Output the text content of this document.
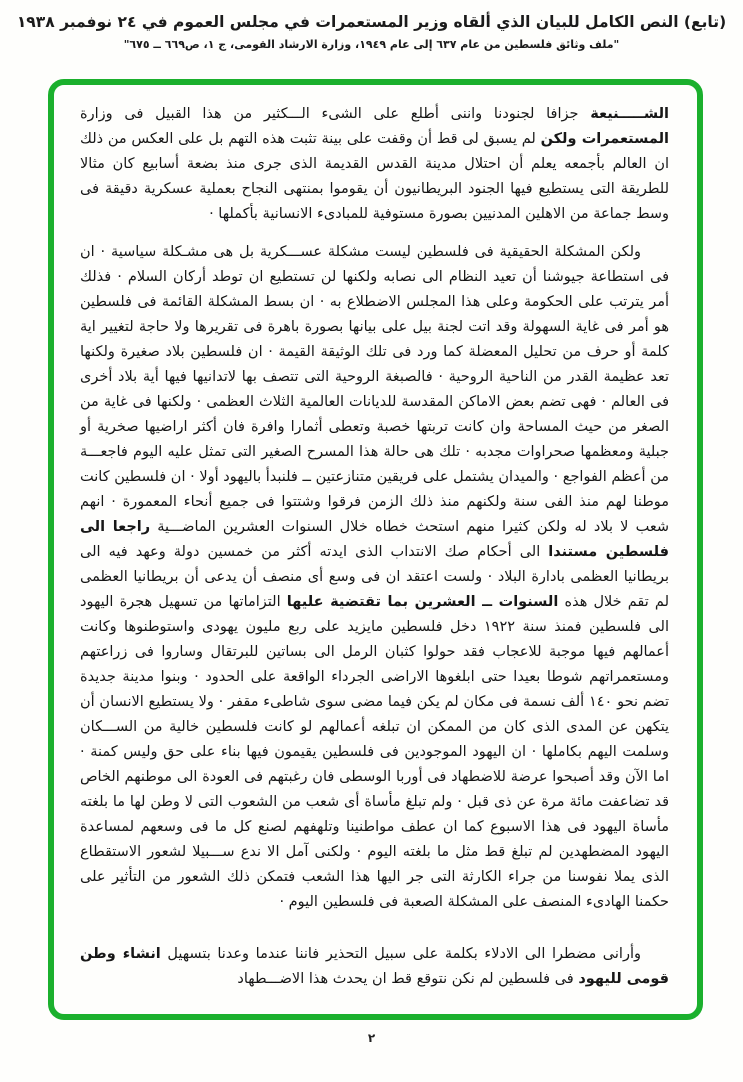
(تابع) النص الكامل للبيان الذي ألقاه وزير المستعمرات في مجلس العموم في ٢٤ نوفمبر ١٩٣٨
"ملف وثائق فلسطين من عام ٦٣٧ إلى عام ١٩٤٩، وزارة الارشاد القومى، ج ١، ص٦٦٩ ــ ٦٧٥"

الشـــــنيعة جزافا لجنودنا واننى أطلع على الشىء الـــكثير من هذا القبيل فى وزارة المستعمرات ولكن لم يسبق لى قط أن وقفت على بينة تثبت هذه التهم بل على العكس من ذلك ان العالم بأجمعه يعلم أن احتلال مدينة القدس القديمة الذى جرى منذ بضعة أسابيع كان مثالا للطريقة التى يستطيع فيها الجنود البريطانيون أن يقوموا بمنتهى النجاح بعملية عسكرية دقيقة فى وسط جماعة من الاهلين المدنيين بصورة مستوفية للمبادىء الانسانية بأكملها ·

ولكن المشكلة الحقيقية فى فلسطين ليست مشكلة عســـكرية بل هى مشـكلة سياسية · ان فى استطاعة جيوشنا أن تعيد النظام الى نصابه ولكنها لن تستطيع ان توطد أركان السلام · فذلك أمر يترتب على الحكومة وعلى هذا المجلس الاضطلاع به · ان بسط المشكلة القائمة فى فلسطين هو أمر فى غاية السهولة وقد اتت لجنة بيل على بيانها بصورة باهرة فى تقريرها ولا حاجة لتغيير اية كلمة أو حرف من تحليل المعضلة كما ورد فى تلك الوثيقة القيمة · ان فلسطين بلاد صغيرة ولكنها تعد عظيمة القدر من الناحية الروحية · فالصبغة الروحية التى تتصف بها لاتدانيها فيها أية بلاد أخرى فى العالم · فهى تضم بعض الاماكن المقدسة للديانات العالمية الثلاث العظمى · ولكنها فى غاية من الصغر من حيث المساحة وان كانت تربتها خصبة وتعطى أثمارا وافرة فان أكثر اراضيها صخرية أو جبلية ومعظمها صحراوات مجدبه · تلك هى حالة هذا المسرح الصغير التى تمثل عليه اليوم فاجعـــة من أعظم الفواجع · والميدان يشتمل على فريقين متنازعتين ــ فلنبدأ باليهود أولا · ان فلسطين كانت موطنا لهم منذ الفى سنة ولكنهم منذ ذلك الزمن فرقوا وشتتوا فى جميع أنحاء المعمورة · انهم شعب لا بلاد له ولكن كثيرا منهم استحث خطاه خلال السنوات العشرين الماضـــية راجعا الى فلسطين مستندا الى أحكام صك الانتداب الذى ايدته أكثر من خمسين دولة وعهد فيه الى بريطانيا العظمى بادارة البلاد · ولست اعتقد ان فى وسع أى منصف أن يدعى أن بريطانيا العظمى لم تقم خلال هذه السنوات ــ العشرين بما تقتضية عليها التزاماتها من تسهيل هجرة اليهود الى فلسطين فمنذ سنة ١٩٢٢ دخل فلسطين مايزيد على ربع مليون يهودى واستوطنوها وكانت أعمالهم فيها موجبة للاعجاب فقد حولوا كثبان الرمل الى بساتين للبرتقال وساروا فى زراعتهم ومستعمراتهم شوطا بعيدا حتى ابلغوها الاراضى الجرداء الواقعة على الحدود · وبنوا مدينة جديدة تضم نحو ١٤٠ ألف نسمة فى مكان لم يكن فيما مضى سوى شاطىء مقفر · ولا يستطيع الانسان أن يتكهن عن المدى الذى كان من الممكن ان تبلغه أعمالهم لو كانت فلسطين خالية من الســـكان وسلمت اليهم بكاملها · ان اليهود الموجودين فى فلسطين يقيمون فيها بناء على حق وليس كمنة · اما الآن وقد أصبحوا عرضة للاضطهاد فى أوربا الوسطى فان رغبتهم فى العودة الى موطنهم الخاص قد تضاعفت مائة مرة عن ذى قبل · ولم تبلغ مأساة أى شعب من الشعوب التى لا وطن لها ما بلغته مأساة اليهود فى هذا الاسبوع كما ان عطف مواطنينا وتلهفهم لصنع كل ما فى وسعهم لمساعدة اليهود المضطهدين لم تبلغ قط مثل ما بلغته اليوم · ولكنى آمل الا ندع ســـبيلا لشعور الاستقطاع الذى يملا نفوسنا من جراء الكارثة التى جر اليها هذا الشعب فتمكن ذلك الشعور من التأثير على حكمنا الهادىء المنصف على المشكلة الصعبة فى فلسطين اليوم ·

وأرانى مضطرا الى الادلاء بكلمة على سبيل التحذير فاننا عندما وعدنا بتسهيل انشاء وطن قومى لليهود فى فلسطين لم نكن نتوقع قط ان يحدث هذا الاضـــطهاد

٢
